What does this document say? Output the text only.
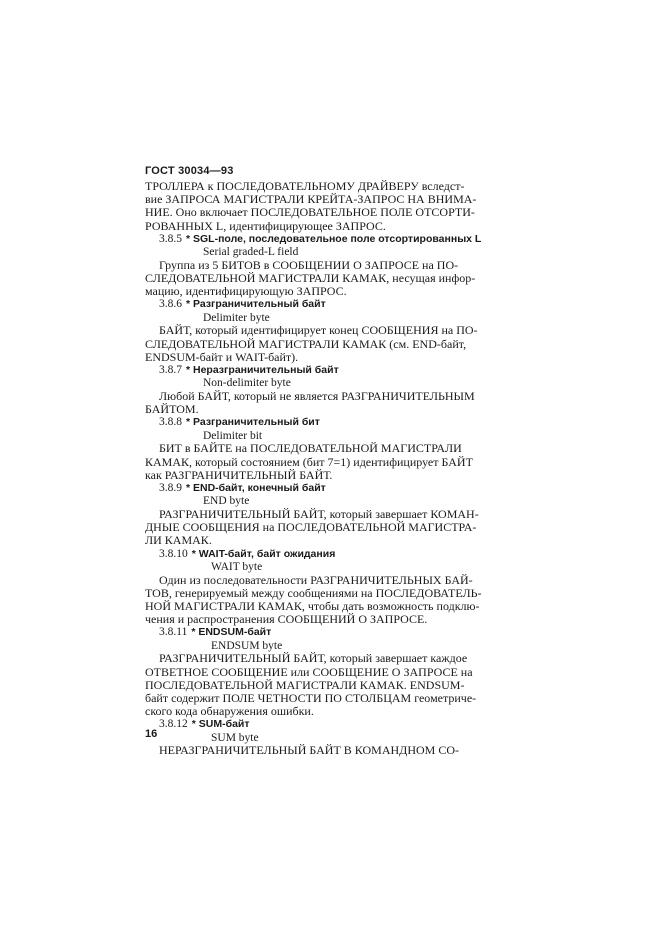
ГОСТ 30034—93
ТРОЛЛЕРА к ПОСЛЕДОВАТЕЛЬНОМУ ДРАЙВЕРУ вследст-
вие ЗАПРОСА МАГИСТРАЛИ КРЕЙТА-ЗАПРОС НА ВНИМА-
НИЕ. Оно включает ПОСЛЕДОВАТЕЛЬНОЕ ПОЛЕ ОТСОРТИ-
РОВАННЫХ L, идентифицирующее ЗАПРОС.
3.8.5 * SGL-поле, последовательное поле отсортированных L
Serial graded-L field
Группа из 5 БИТОВ в СООБЩЕНИИ О ЗАПРОСЕ на ПО-
СЛЕДОВАТЕЛЬНОЙ МАГИСТРАЛИ КАМАК, несущая инфор-
мацию, идентифицирующую ЗАПРОС.
3.8.6 * Разграничительный байт
Delimiter byte
БАЙТ, который идентифицирует конец СООБЩЕНИЯ на ПО-
СЛЕДОВАТЕЛЬНОЙ МАГИСТРАЛИ КАМАК (см. END-байт,
ENDSUM-байт и WAIT-байт).
3.8.7 * Неразграничительный байт
Non-delimiter byte
Любой БАЙТ, который не является РАЗГРАНИЧИТЕЛЬНЫМ
БАЙТОМ.
3.8.8 * Разграничительный бит
Delimiter bit
БИТ в БАЙТЕ на ПОСЛЕДОВАТЕЛЬНОЙ МАГИСТРАЛИ
КАМАК, который состоянием (бит 7=1) идентифицирует БАЙТ
как РАЗГРАНИЧИТЕЛЬНЫЙ БАЙТ.
3.8.9 * END-байт, конечный байт
END byte
РАЗГРАНИЧИТЕЛЬНЫЙ БАЙТ, который завершает КОМАН-
ДНЫЕ СООБЩЕНИЯ на ПОСЛЕДОВАТЕЛЬНОЙ МАГИСТРА-
ЛИ КАМАК.
3.8.10 * WAIT-байт, байт ожидания
WAIT byte
Один из последовательности РАЗГРАНИЧИТЕЛЬНЫХ БАЙ-
ТОВ, генерируемый между сообщениями на ПОСЛЕДОВАТЕЛЬ-
НОЙ МАГИСТРАЛИ КАМАК, чтобы дать возможность подклю-
чения и распространения СООБЩЕНИЙ О ЗАПРОСЕ.
3.8.11 * ENDSUM-байт
ENDSUM byte
РАЗГРАНИЧИТЕЛЬНЫЙ БАЙТ, который завершает каждое
ОТВЕТНОЕ СООБЩЕНИЕ или СООБЩЕНИЕ О ЗАПРОСЕ на
ПОСЛЕДОВАТЕЛЬНОЙ МАГИСТРАЛИ КАМАК. ENDSUM-
байт содержит ПОЛЕ ЧЕТНОСТИ ПО СТОЛБЦАМ геометриче-
ского кода обнаружения ошибки.
3.8.12 * SUM-байт
SUM byte
НЕРАЗГРАНИЧИТЕЛЬНЫЙ БАЙТ В КОМАНДНОМ СО-
16
